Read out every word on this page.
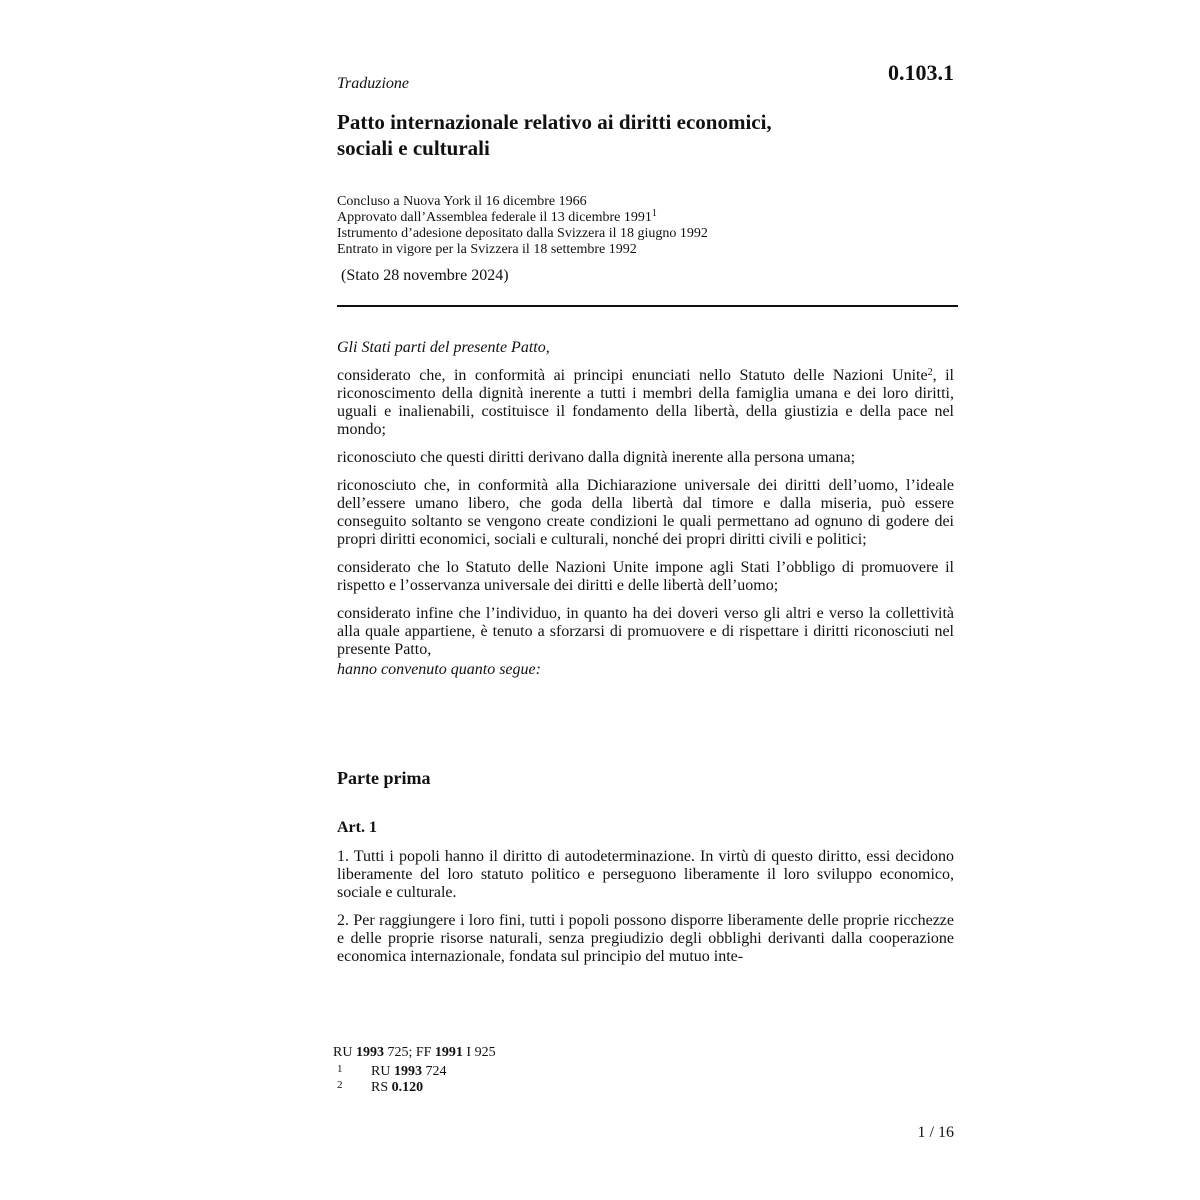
Traduzione	0.103.1
Patto internazionale relativo ai diritti economici,
sociali e culturali
Concluso a Nuova York il 16 dicembre 1966
Approvato dall’Assemblea federale il 13 dicembre 1991$^1$
Istrumento d’adesione depositato dalla Svizzera il 18 giugno 1992
Entrato in vigore per la Svizzera il 18 settembre 1992
(Stato 28 novembre 2024)

Gli Stati parti del presente Patto,

considerato che, in conformità ai principi enunciati nello Statuto delle Nazioni Unite$^2$, il riconoscimento della dignità inerente a tutti i membri della famiglia umana e dei loro diritti, uguali e inalienabili, costituisce il fondamento della libertà, della giustizia e della pace nel mondo;

riconosciuto che questi diritti derivano dalla dignità inerente alla persona umana;

riconosciuto che, in conformità alla Dichiarazione universale dei diritti dell’uomo, l’ideale dell’essere umano libero, che goda della libertà dal timore e dalla miseria, può essere conseguito soltanto se vengono create condizioni le quali permettano ad ognuno di godere dei propri diritti economici, sociali e culturali, nonché dei propri diritti civili e politici;

considerato che lo Statuto delle Nazioni Unite impone agli Stati l’obbligo di promuovere il rispetto e l’osservanza universale dei diritti e delle libertà dell’uomo;

considerato infine che l’individuo, in quanto ha dei doveri verso gli altri e verso la collettività alla quale appartiene, è tenuto a sforzarsi di promuovere e di rispettare i diritti riconosciuti nel presente Patto,

hanno convenuto quanto segue:

Parte prima
Art. 1

1. Tutti i popoli hanno il diritto di autodeterminazione. In virtù di questo diritto, essi decidono liberamente del loro statuto politico e perseguono liberamente il loro sviluppo economico, sociale e culturale.

2. Per raggiungere i loro fini, tutti i popoli possono disporre liberamente delle proprie ricchezze e delle proprie risorse naturali, senza pregiudizio degli obblighi derivanti dalla cooperazione economica internazionale, fondata sul principio del mutuo inte-

RU 1993 725; FF 1991 I 925
1 RU 1993 724
2 RS 0.120
1 / 16
